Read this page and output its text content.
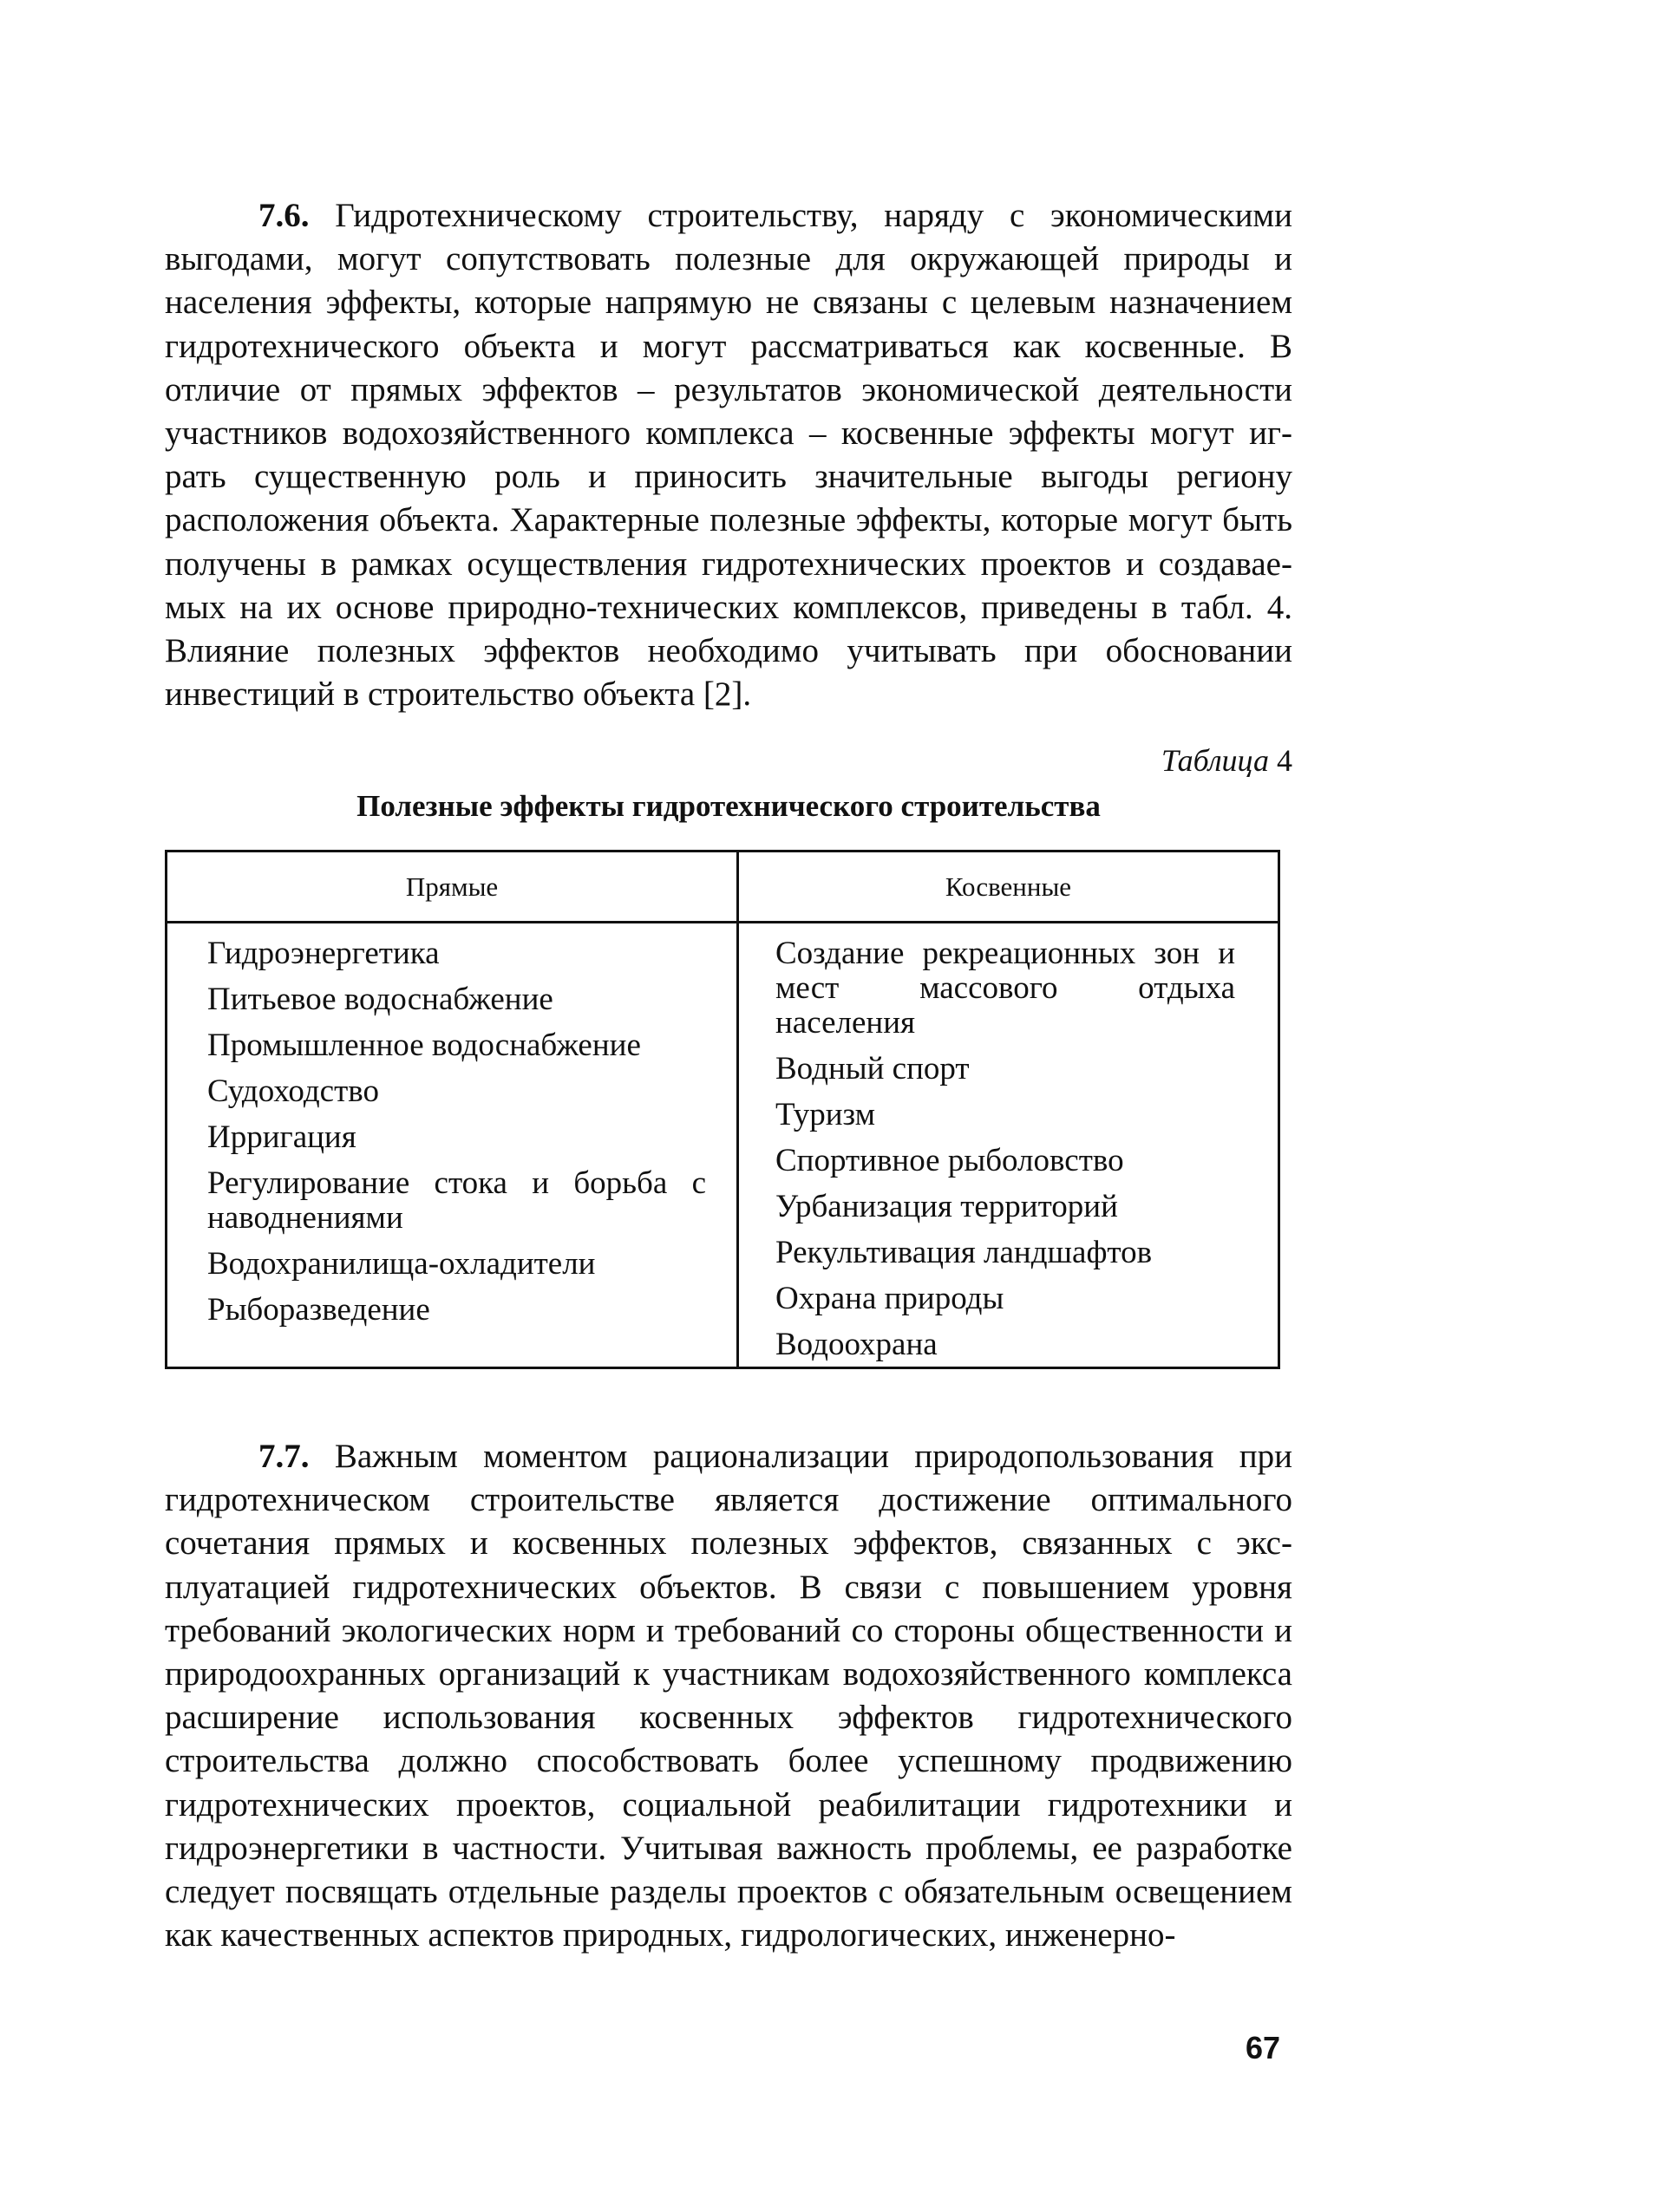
7.6. Гидротехническому строительству, наряду с экономическими выгодами, могут сопутствовать полезные для окружающей природы и населения эффекты, которые напрямую не связаны с целевым назначением гидротехнического объекта и могут рассматриваться как косвенные. В отличие от прямых эффектов – результатов экономической деятельности участников водохозяйственного комплекса – косвенные эффекты могут играть существенную роль и приносить значительные выгоды региону расположения объекта. Характерные полезные эффекты, которые могут быть получены в рамках осуществления гидротехнических проектов и создаваемых на их основе природно-технических комплексов, приведены в табл. 4. Влияние полезных эффектов необходимо учитывать при обосновании инвестиций в строительство объекта [2].

Таблица 4
Полезные эффекты гидротехнического строительства
Прямые	Косвенные
Гидроэнергетика
Питьевое водоснабжение
Промышленное водоснабжение
Судоходство
Ирригация
Регулирование стока и борьба с наводнениями
Водохранилища-охладители
Рыборазведение
Создание рекреационных зон и мест массового отдыха населения
Водный спорт
Туризм
Спортивное рыболовство
Урбанизация территорий
Рекультивация ландшафтов
Охрана природы
Водоохрана

7.7. Важным моментом рационализации природопользования при гидротехническом строительстве является достижение оптимального сочетания прямых и косвенных полезных эффектов, связанных с эксплуатацией гидротехнических объектов. В связи с повышением уровня требований экологических норм и требований со стороны общественности и природоохранных организаций к участникам водохозяйственного комплекса расширение использования косвенных эффектов гидротехнического строительства должно способствовать более успешному продвижению гидротехнических проектов, социальной реабилитации гидротехники и гидроэнергетики в частности. Учитывая важность проблемы, ее разработке следует посвящать отдельные разделы проектов с обязательным освещением как качественных аспектов природных, гидрологических, инженерно-

67
